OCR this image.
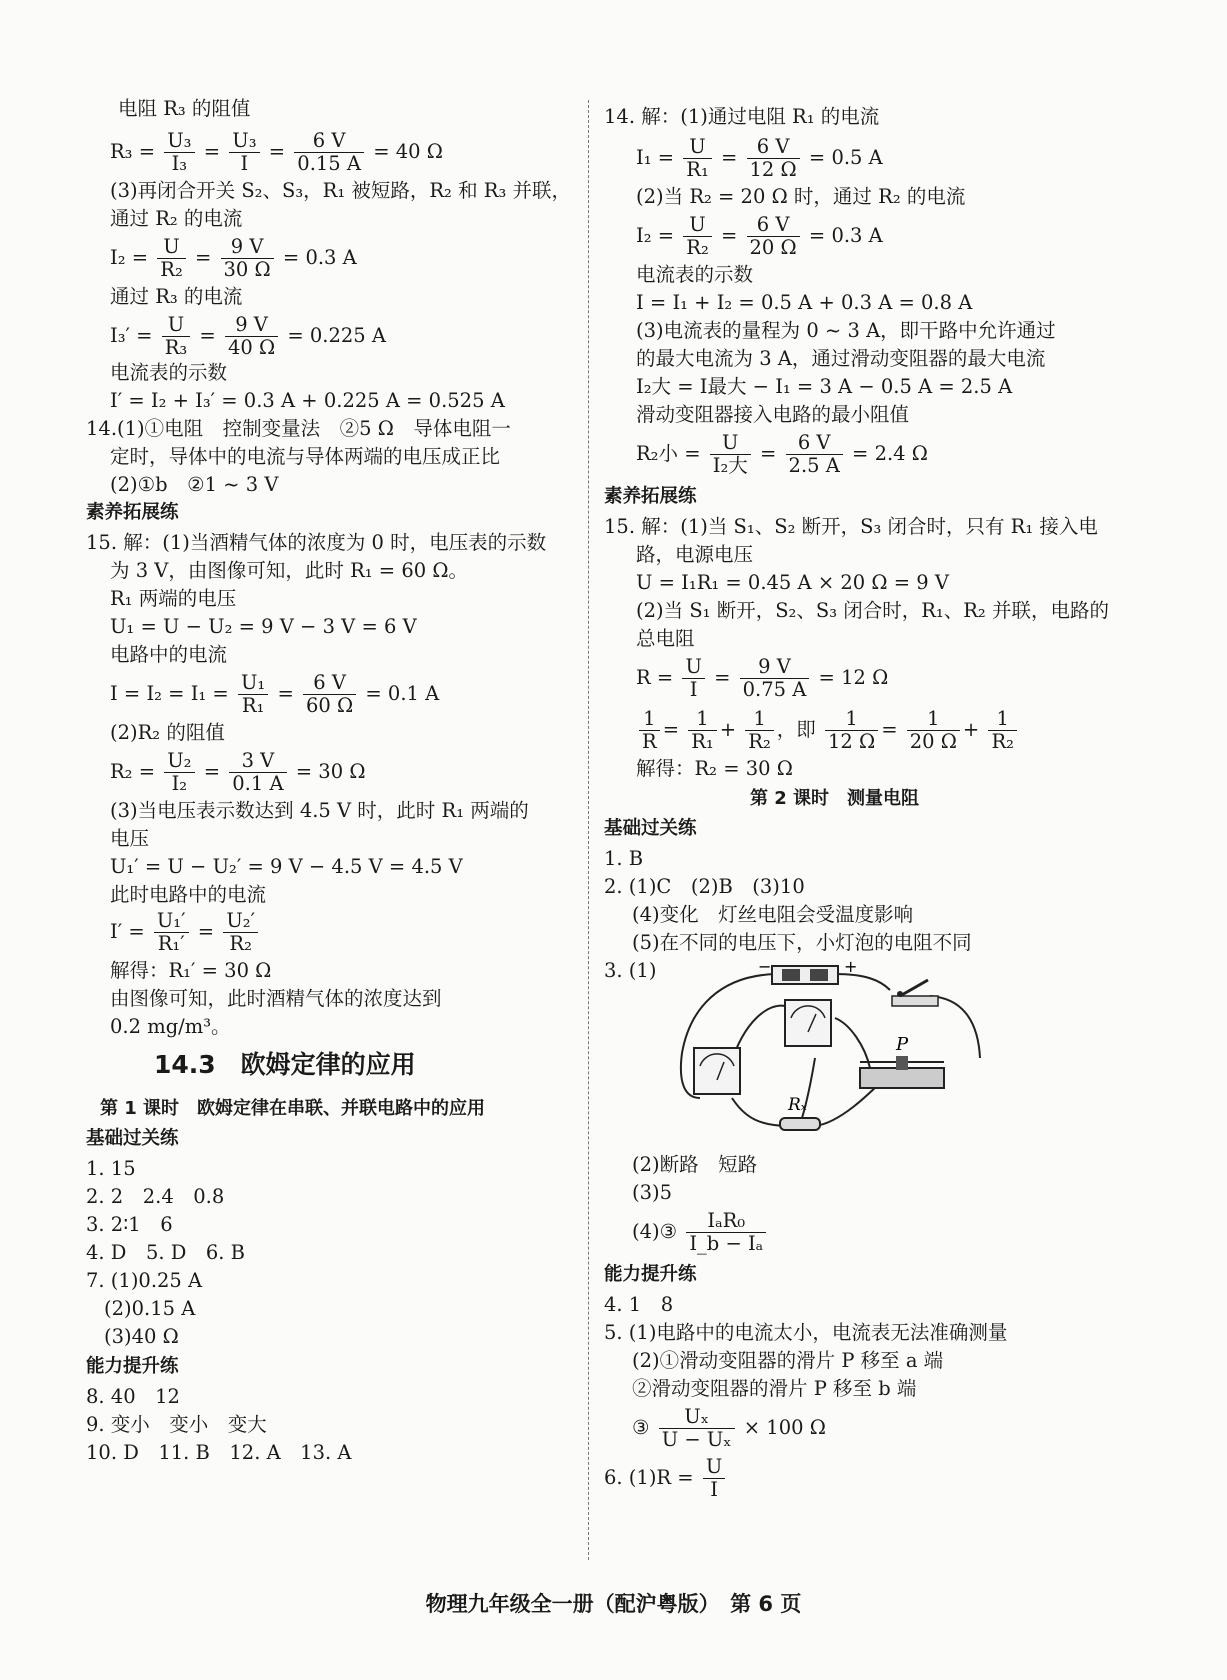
电阻 R₃ 的阻值
$R_3 = \frac{\text{U₃}}{\text{I₃}} = \frac{\text{U₃}}{I} = \frac{6 V}{0.15 A} = 40$ Ω
(3)再闭合开关 S₂、S₃，R₁ 被短路，R₂ 和 R₃ 并联，
通过 R₂ 的电流
$I_2 = \frac{U}{\text{R₂}} = \frac{9 V}{30 \Omega} = 0.3$ A
通过 R₃ 的电流
$I_3' = \frac{U}{\text{R₃}} = \frac{9 V}{40 \Omega} = 0.225$ A
电流表的示数
I′ = I₂ + I₃′ = 0.3 A + 0.225 A = 0.525 A
14.(1)①电阻　控制变量法　②5 Ω　导体电阻一
定时，导体中的电流与导体两端的电压成正比
(2)①b　②1 ~ 3 V
素养拓展练
15. 解：(1)当酒精气体的浓度为 0 时，电压表的示数
为 3 V，由图像可知，此时 R₁ = 60 Ω。
R₁ 两端的电压
U₁ = U − U₂ = 9 V − 3 V = 6 V
电路中的电流
$I = I_2 = I_1 = \frac{\text{U₁}}{\text{R₁}} = \frac{6 V}{60 \Omega} = 0.1$ A
(2)R₂ 的阻值
$R_2 = \frac{\text{U₂}}{\text{I₂}} = \frac{3 V}{0.1 A} = 30$ Ω
(3)当电压表示数达到 4.5 V 时，此时 R₁ 两端的
电压
U₁′ = U − U₂′ = 9 V − 4.5 V = 4.5 V
此时电路中的电流
$I' = \frac{\text{U₁′}}{\text{R₁′}} = \frac{\text{U₂′}}{\text{R₂}}$
解得：R₁′ = 30 Ω
由图像可知，此时酒精气体的浓度达到
0.2 mg/m³。
14.3　欧姆定律的应用
第 1 课时　欧姆定律在串联、并联电路中的应用
基础过关练
1. 15
2. 2　2.4　0.8
3. 2∶1　6
4. D　5. D　6. B
7. (1)0.25 A
(2)0.15 A
(3)40 Ω
能力提升练
8. 40　12
9. 变小　变小　变大
10. D　11. B　12. A　13. A
14. 解：(1)通过电阻 R₁ 的电流
$I_1 = \frac{U}{\text{R₁}} = \frac{6 V}{12 \Omega} = 0.5$ A
(2)当 R₂ = 20 Ω 时，通过 R₂ 的电流
$I_2 = \frac{U}{\text{R₂}} = \frac{6 V}{20 \Omega} = 0.3$ A
电流表的示数
I = I₁ + I₂ = 0.5 A + 0.3 A = 0.8 A
(3)电流表的量程为 0 ~ 3 A，即干路中允许通过
的最大电流为 3 A，通过滑动变阻器的最大电流
I₂大 = I最大 − I₁ = 3 A − 0.5 A = 2.5 A
滑动变阻器接入电路的最小阻值
R₂小 = $\frac{U}{\text{I₂大}} = \frac{6 V}{2.5 A} = 2.4$ Ω
素养拓展练
15. 解：(1)当 S₁、S₂ 断开，S₃ 闭合时，只有 R₁ 接入电
路，电源电压
U = I₁R₁ = 0.45 A × 20 Ω = 9 V
(2)当 S₁ 断开，S₂、S₃ 闭合时，R₁、R₂ 并联，电路的
总电阻
$R = \frac{U}{I} = \frac{9 V}{0.75 A} = 12$ Ω
$\frac{1}{R} = \frac{1}{\text{R₁}} + \frac{1}{\text{R₂}}$ ，即 $\frac{1}{12 \Omega} = \frac{1}{20 \Omega} + \frac{1}{\text{R₂}}$
解得：R₂ = 30 Ω
第 2 课时　测量电阻
基础过关练
1. B
2. (1)C　(2)B　(3)10
(4)变化　灯丝电阻会受温度影响
(5)在不同的电压下，小灯泡的电阻不同
3. (1)	−	+
P
Rₓ
(2)断路　短路
(3)5
(4)③ $\frac{\text{IₐR₀}}{\text{I\_b − Iₐ}}$
能力提升练
4. 1　8
5. (1)电路中的电流太小，电流表无法准确测量
(2)①滑动变阻器的滑片 P 移至 a 端
②滑动变阻器的滑片 P 移至 b 端
③ $\frac{\text{Uₓ}}{\text{U − Uₓ}} \times 100$ Ω
6. $(1)R = \frac{U}{I}$
物理九年级全一册（配沪粤版）　第 6 页
